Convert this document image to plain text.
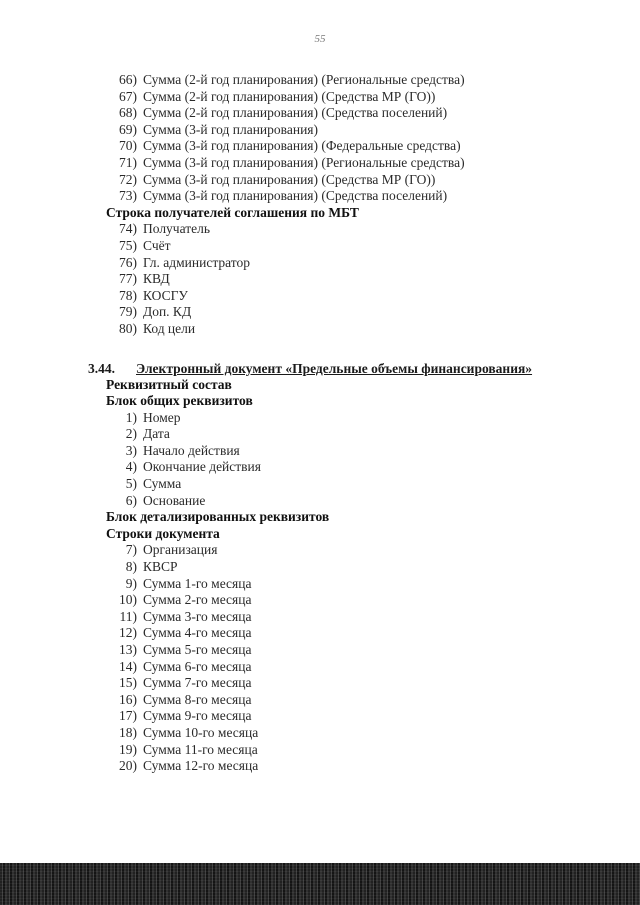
55
66) Сумма (2-й год планирования) (Региональные средства)
67) Сумма (2-й год планирования) (Средства МР (ГО))
68) Сумма (2-й год планирования) (Средства поселений)
69) Сумма (3-й год планирования)
70) Сумма (3-й год планирования) (Федеральные средства)
71) Сумма (3-й год планирования) (Региональные средства)
72) Сумма (3-й год планирования) (Средства МР (ГО))
73) Сумма (3-й год планирования) (Средства поселений)
Строка получателей соглашения по МБТ
74) Получатель
75) Счёт
76) Гл. администратор
77) КВД
78) КОСГУ
79) Доп. КД
80) Код цели
3.44. Электронный документ «Предельные объемы финансирования»
Реквизитный состав
Блок общих реквизитов
1) Номер
2) Дата
3) Начало действия
4) Окончание действия
5) Сумма
6) Основание
Блок детализированных реквизитов
Строки документа
7) Организация
8) КВСР
9) Сумма 1-го месяца
10) Сумма 2-го месяца
11) Сумма 3-го месяца
12) Сумма 4-го месяца
13) Сумма 5-го месяца
14) Сумма 6-го месяца
15) Сумма 7-го месяца
16) Сумма 8-го месяца
17) Сумма 9-го месяца
18) Сумма 10-го месяца
19) Сумма 11-го месяца
20) Сумма 12-го месяца
